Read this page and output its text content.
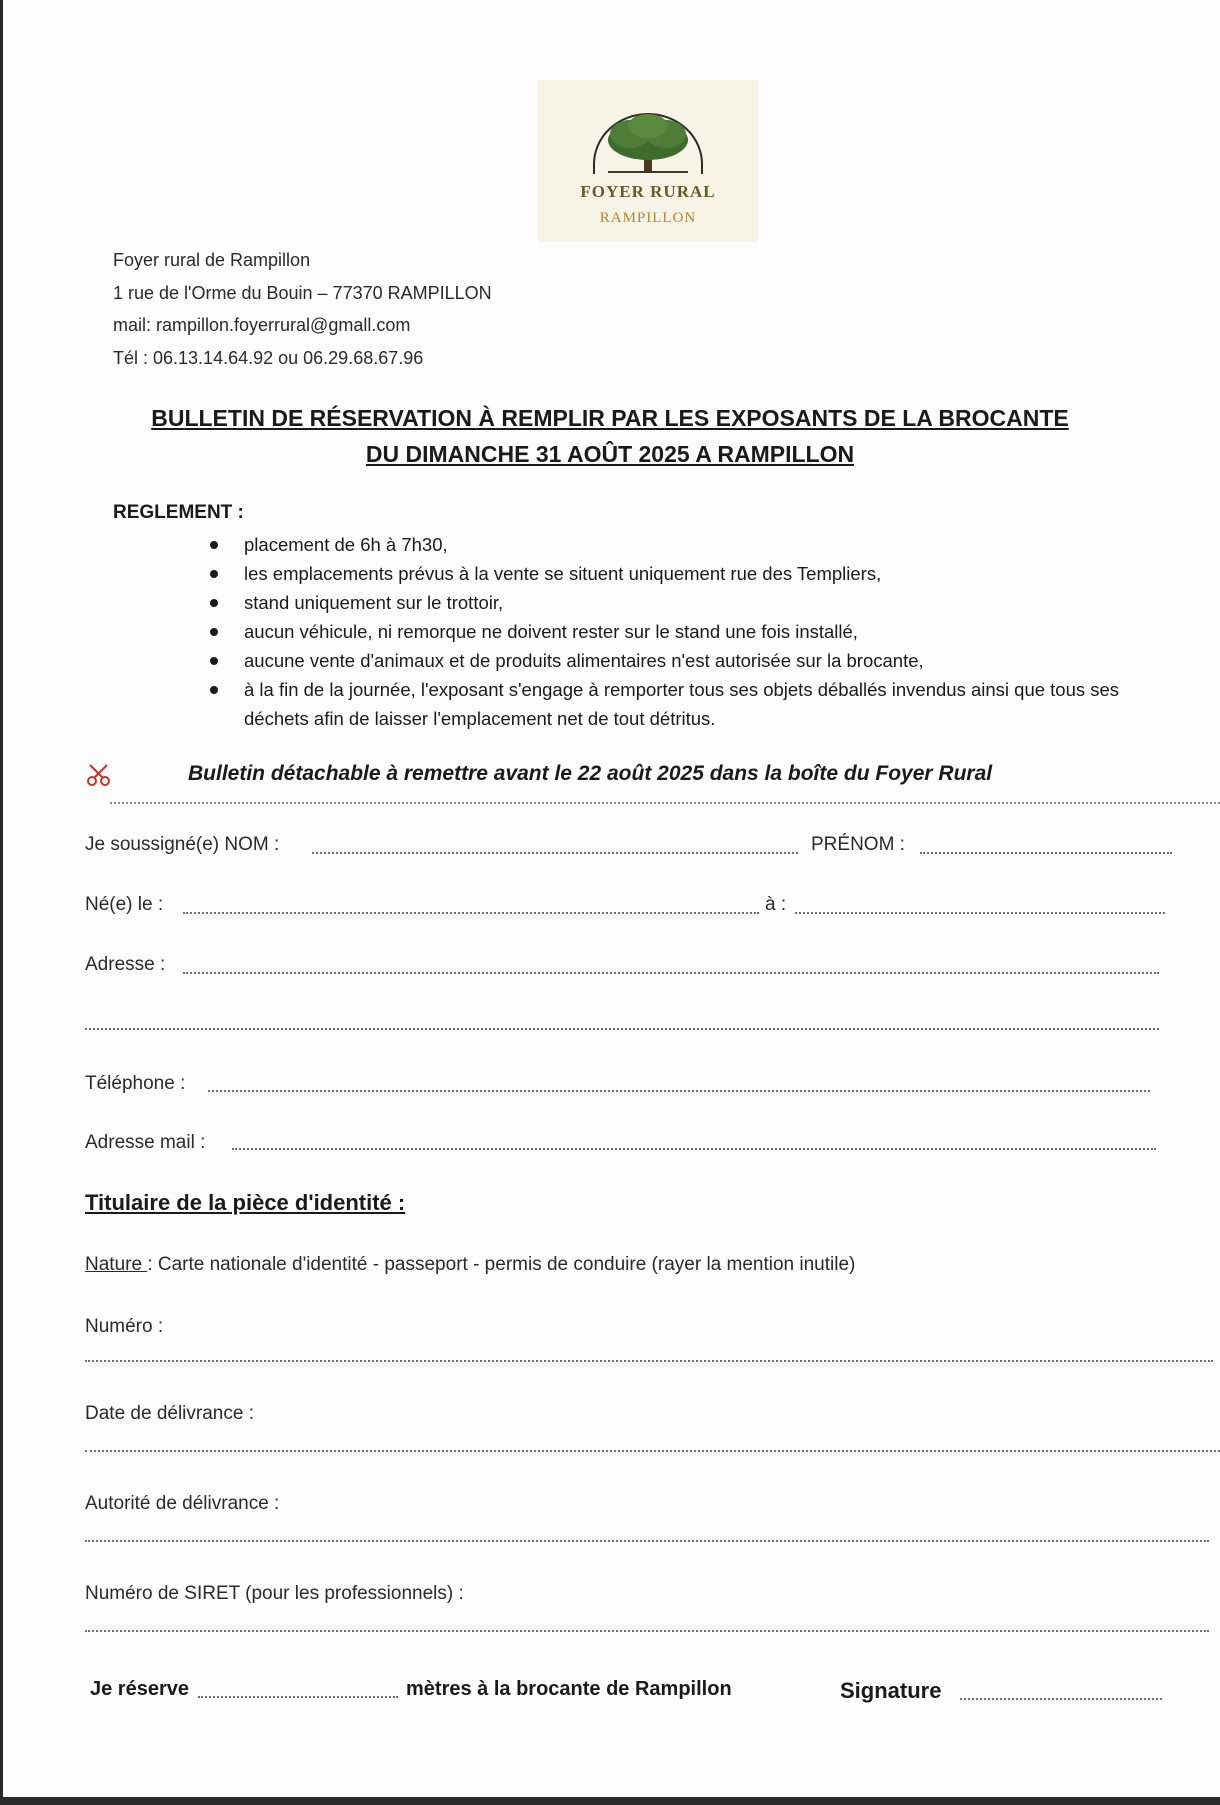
FOYER RURAL
RAMPILLON
Foyer rural de Rampillon
1 rue de l'Orme du Bouin – 77370 RAMPILLON
mail: rampillon.foyerrural@gmall.com
Tél : 06.13.14.64.92 ou 06.29.68.67.96
BULLETIN DE RÉSERVATION À REMPLIR PAR LES EXPOSANTS DE LA BROCANTE
DU DIMANCHE 31 AOÛT 2025 A RAMPILLON
REGLEMENT :
placement de 6h à 7h30,
les emplacements prévus à la vente se situent uniquement rue des Templiers,
stand uniquement sur le trottoir,
aucun véhicule, ni remorque ne doivent rester sur le stand une fois installé,
aucune vente d'animaux et de produits alimentaires n'est autorisée sur la brocante,
à la fin de la journée, l'exposant s'engage à remporter tous ses objets déballés invendus ainsi que tous ses déchets afin de laisser l'emplacement net de tout détritus.
Bulletin détachable à remettre avant le 22 août 2025 dans la boîte du Foyer Rural
Je soussigné(e) NOM :	PRÉNOM :
Né(e) le :	à :
Adresse :
Téléphone :
Adresse mail :
Titulaire de la pièce d'identité :
Nature : Carte nationale d'identité - passeport - permis de conduire (rayer la mention inutile)
Numéro :
Date de délivrance :
Autorité de délivrance :
Numéro de SIRET (pour les professionnels) :
Je réserve	mètres à la brocante de Rampillon	Signature
